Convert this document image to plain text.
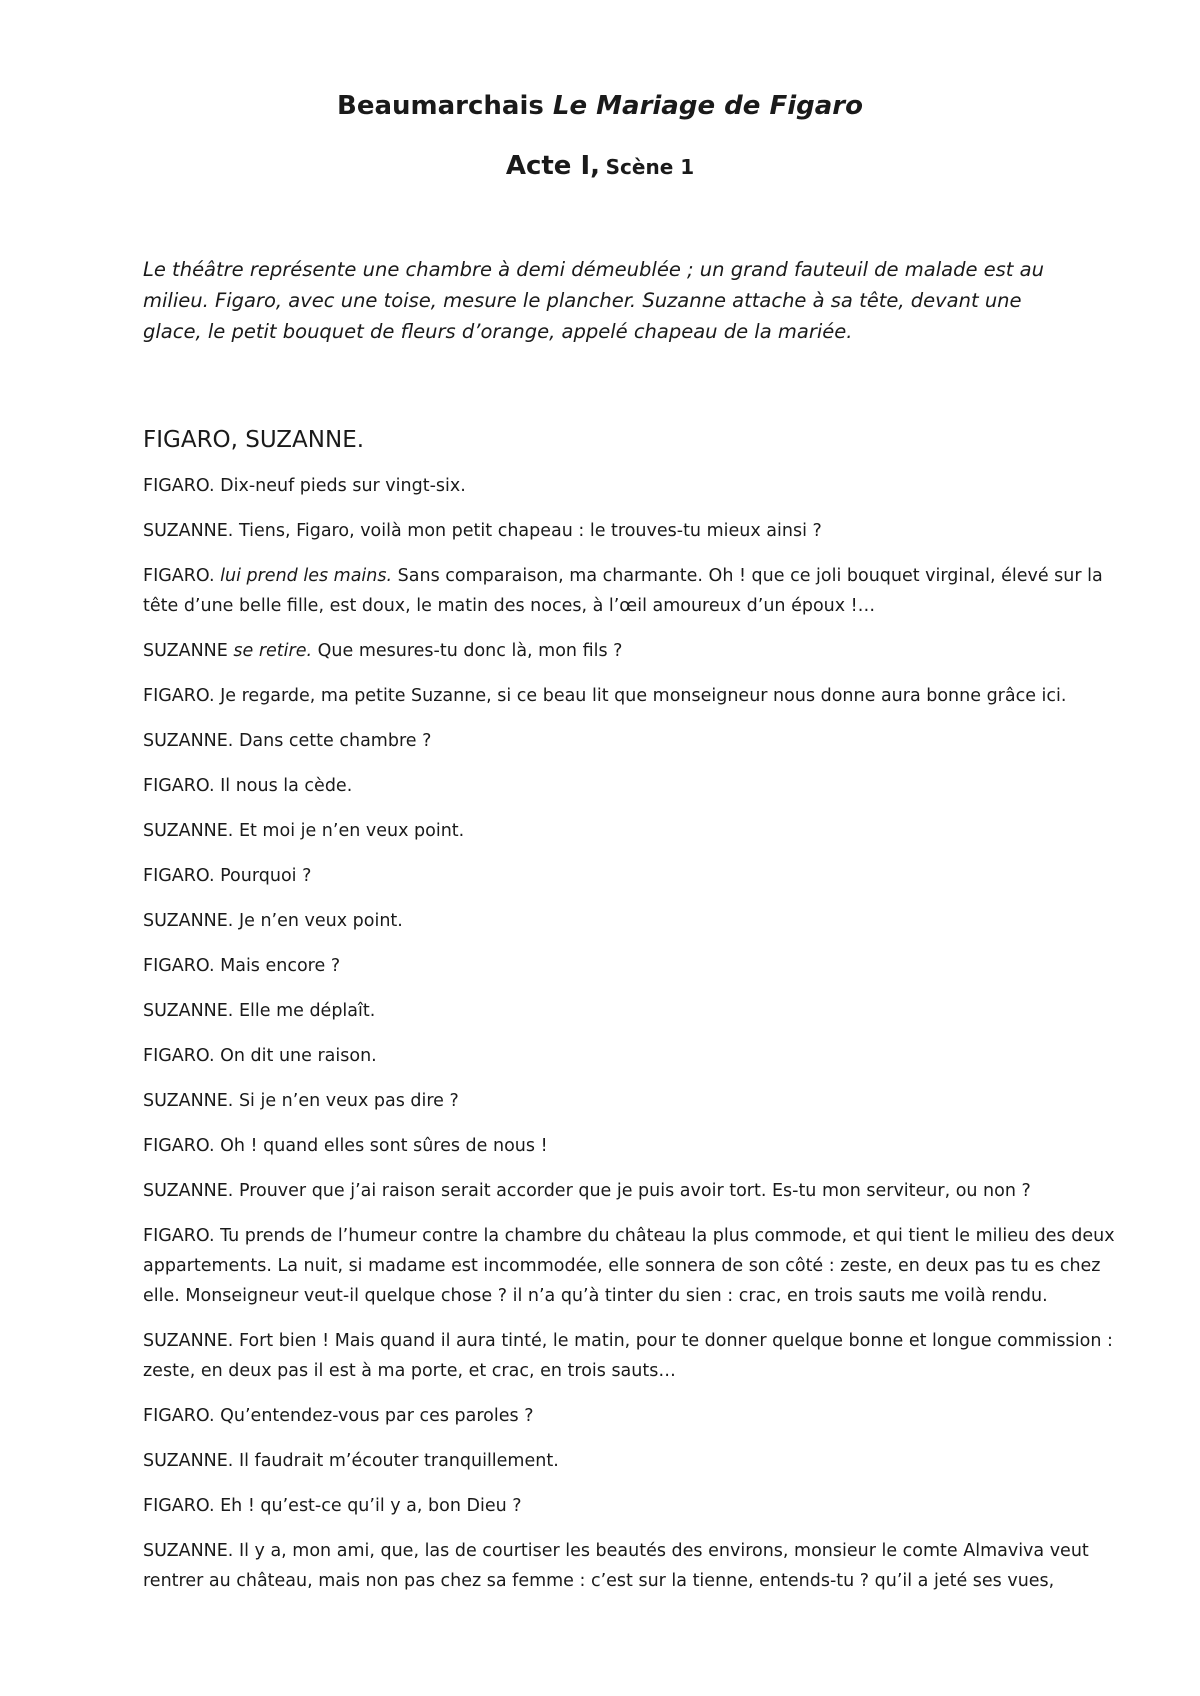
Beaumarchais Le Mariage de Figaro
Acte I, Scène 1
Le théâtre représente une chambre à demi démeublée ; un grand fauteuil de malade est au milieu. Figaro, avec une toise, mesure le plancher. Suzanne attache à sa tête, devant une glace, le petit bouquet de fleurs d’orange, appelé chapeau de la mariée.
FIGARO, SUZANNE.

FIGARO. Dix-neuf pieds sur vingt-six.

SUZANNE. Tiens, Figaro, voilà mon petit chapeau : le trouves-tu mieux ainsi ?

FIGARO. lui prend les mains. Sans comparaison, ma charmante. Oh ! que ce joli bouquet virginal, élevé sur la tête d’une belle fille, est doux, le matin des noces, à l’œil amoureux d’un époux !…

SUZANNE se retire. Que mesures-tu donc là, mon fils ?

FIGARO. Je regarde, ma petite Suzanne, si ce beau lit que monseigneur nous donne aura bonne grâce ici.

SUZANNE. Dans cette chambre ?

FIGARO. Il nous la cède.

SUZANNE. Et moi je n’en veux point.

FIGARO. Pourquoi ?

SUZANNE. Je n’en veux point.

FIGARO. Mais encore ?

SUZANNE. Elle me déplaît.

FIGARO. On dit une raison.

SUZANNE. Si je n’en veux pas dire ?

FIGARO. Oh ! quand elles sont sûres de nous !

SUZANNE. Prouver que j’ai raison serait accorder que je puis avoir tort. Es-tu mon serviteur, ou non ?

FIGARO. Tu prends de l’humeur contre la chambre du château la plus commode, et qui tient le milieu des deux appartements. La nuit, si madame est incommodée, elle sonnera de son côté : zeste, en deux pas tu es chez elle. Monseigneur veut-il quelque chose ? il n’a qu’à tinter du sien : crac, en trois sauts me voilà rendu.

SUZANNE. Fort bien ! Mais quand il aura tinté, le matin, pour te donner quelque bonne et longue commission : zeste, en deux pas il est à ma porte, et crac, en trois sauts…

FIGARO. Qu’entendez-vous par ces paroles ?

SUZANNE. Il faudrait m’écouter tranquillement.

FIGARO. Eh ! qu’est-ce qu’il y a, bon Dieu ?

SUZANNE. Il y a, mon ami, que, las de courtiser les beautés des environs, monsieur le comte Almaviva veut rentrer au château, mais non pas chez sa femme : c’est sur la tienne, entends-tu ? qu’il a jeté ses vues,
